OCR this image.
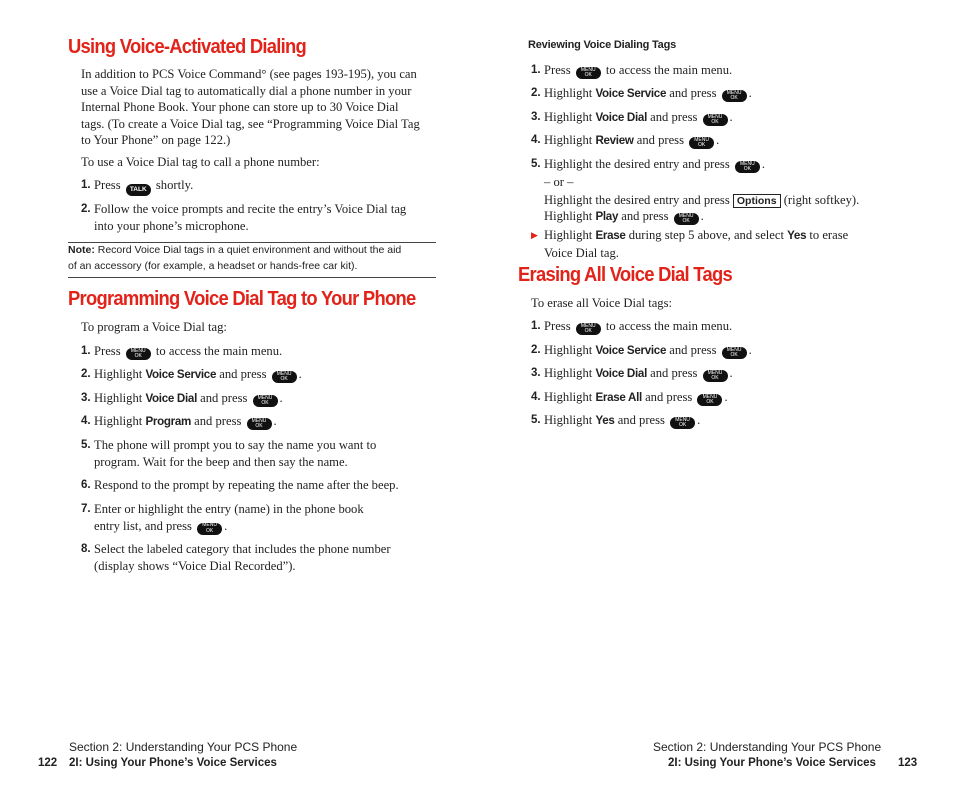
Using Voice-Activated Dialing
In addition to PCS Voice Command° (see pages 193-195), you can
use a Voice Dial tag to automatically dial a phone number in your
Internal Phone Book. Your phone can store up to 30 Voice Dial
tags. (To create a Voice Dial tag, see “Programming Voice Dial Tag
to Your Phone” on page 122.)
To use a Voice Dial tag to call a phone number:
1. Press TALK shortly.
2. Follow the voice prompts and recite the entry’s Voice Dial tag
into your phone’s microphone.
Note: Record Voice Dial tags in a quiet environment and without the aid
of an accessory (for example, a headset or hands-free car kit).
Programming Voice Dial Tag to Your Phone
To program a Voice Dial tag:
1. Press	MENU
OK	to access the main menu.
2. Highlight Voice Service and press	MENU
OK .
3. Highlight Voice Dial and press	MENU
OK .
4. Highlight Program and press	MENU
OK .
5. The phone will prompt you to say the name you want to
program. Wait for the beep and then say the name.
6. Respond to the prompt by repeating the name after the beep.
7. Enter or highlight the entry (name) in the phone book
entry list, and press	MENU
OK .
8. Select the labeled category that includes the phone number
(display shows “Voice Dial Recorded”).
Section 2: Understanding Your PCS Phone
122 2I: Using Your Phone’s Voice Services
Reviewing Voice Dialing Tags
1. Press	MENU
OK	to access the main menu.
2. Highlight Voice Service and press	MENU
OK .
3. Highlight Voice Dial and press	MENU
OK .
4. Highlight Review and press	MENU
OK .
5. Highlight the desired entry and press	MENU
OK .
– or –
Highlight the desired entry and press Options (right softkey).
Highlight Play and press	MENU
OK .
▶ Highlight Erase during step 5 above, and select Yes to erase
Voice Dial tag.
Erasing All Voice Dial Tags
To erase all Voice Dial tags:
1. Press	MENU
OK	to access the main menu.
2. Highlight Voice Service and press	MENU
OK .
3. Highlight Voice Dial and press	MENU
OK .
4. Highlight Erase All and press	MENU
OK .
5. Highlight Yes and press	MENU
OK .
Section 2: Understanding Your PCS Phone
2I: Using Your Phone’s Voice Services 123
